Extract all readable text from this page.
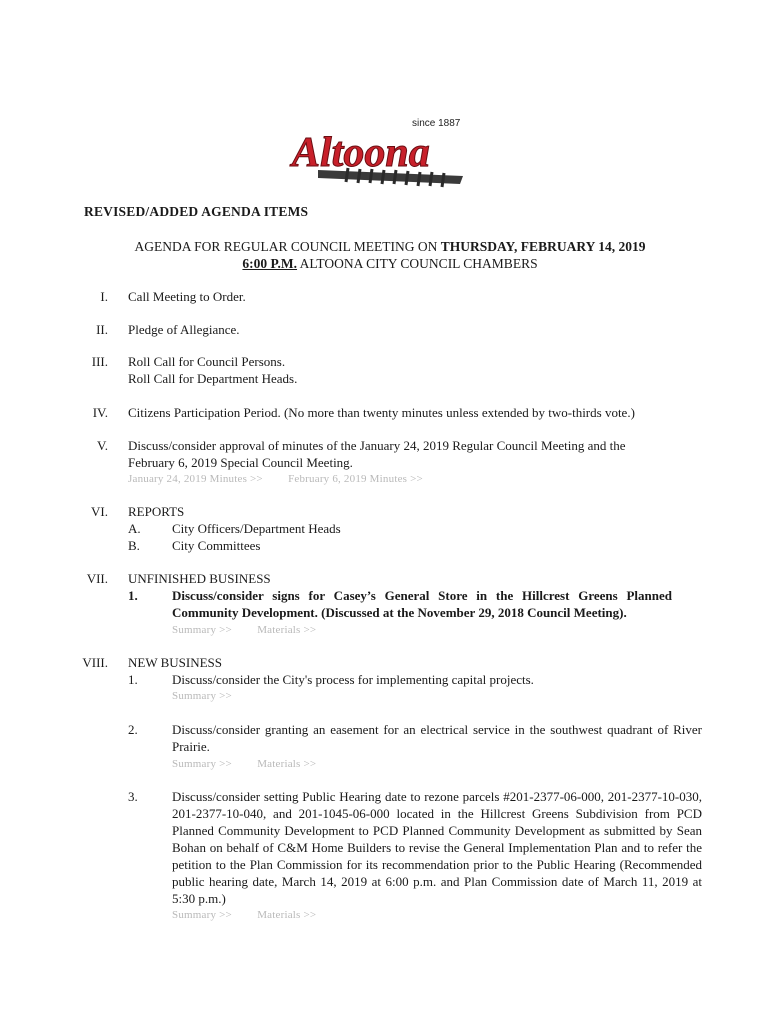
since 1887
Altoona
REVISED/ADDED AGENDA ITEMS
AGENDA FOR REGULAR COUNCIL MEETING ON THURSDAY, FEBRUARY 14, 2019
6:00 P.M. ALTOONA CITY COUNCIL CHAMBERS
I. Call Meeting to Order.
II. Pledge of Allegiance.
III. Roll Call for Council Persons.
Roll Call for Department Heads.
IV. Citizens Participation Period. (No more than twenty minutes unless extended by two-thirds vote.)
V. Discuss/consider approval of minutes of the January 24, 2019 Regular Council Meeting and the February 6, 2019 Special Council Meeting.
January 24, 2019 Minutes >> February 6, 2019 Minutes >>
VI. REPORTS
A. City Officers/Department Heads
B. City Committees
VII. UNFINISHED BUSINESS
1.	Discuss/consider signs for Casey’s General Store in the Hillcrest Greens Planned Community Development. (Discussed at the November 29, 2018 Council Meeting).
Summary >> Materials >>
VIII. NEW BUSINESS
1.	Discuss/consider the City's process for implementing capital projects.
Summary >>
2.	Discuss/consider granting an easement for an electrical service in the southwest quadrant of River Prairie.
Summary >> Materials >>
3.	Discuss/consider setting Public Hearing date to rezone parcels #201-2377-06-000, 201-2377-10-030, 201-2377-10-040, and 201-1045-06-000 located in the Hillcrest Greens Subdivision from PCD Planned Community Development to PCD Planned Community Development as submitted by Sean Bohan on behalf of C&M Home Builders to revise the General Implementation Plan and to refer the petition to the Plan Commission for its recommendation prior to the Public Hearing (Recommended public hearing date, March 14, 2019 at 6:00 p.m. and Plan Commission date of March 11, 2019 at 5:30 p.m.)
Summary >> Materials >>
